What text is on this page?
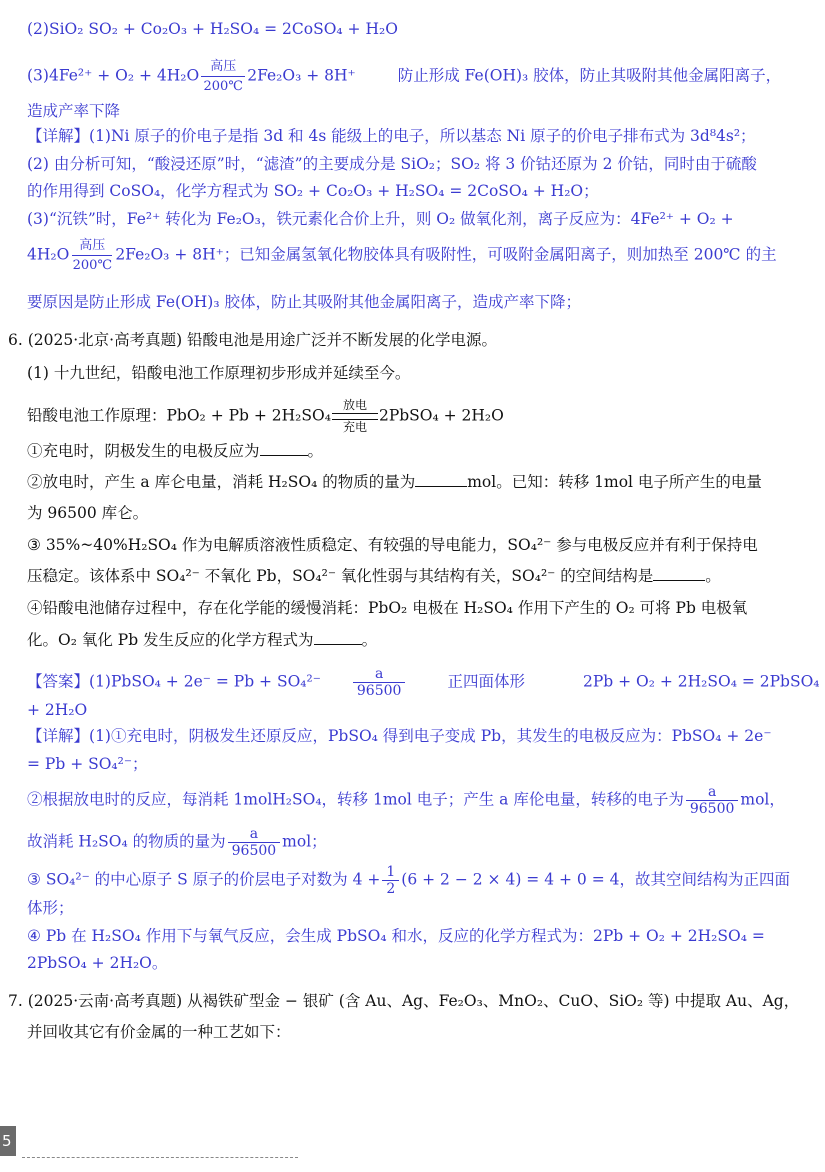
(2)SiO₂ SO₂ + Co₂O₃ + H₂SO₄ = 2CoSO₄ + H₂O
(3)4Fe²⁺ + O₂ + 4H₂O 高压
200℃
2Fe₂O₃ + 8H⁺	防止形成 Fe(OH)₃ 胶体，防止其吸附其他金属阳离子，
造成产率下降
【详解】(1)Ni 原子的价电子是指 3d 和 4s 能级上的电子，所以基态 Ni 原子的价电子排布式为 3d⁸4s²；
(2) 由分析可知，“酸浸还原”时，“滤渣”的主要成分是 SiO₂；SO₂ 将 3 价钴还原为 2 价钴，同时由于硫酸
的作用得到 CoSO₄，化学方程式为 SO₂ + Co₂O₃ + H₂SO₄ = 2CoSO₄ + H₂O；
(3)“沉铁”时，Fe²⁺ 转化为 Fe₂O₃，铁元素化合价上升，则 O₂ 做氧化剂，离子反应为：4Fe²⁺ + O₂ +
4H₂O 高压
200℃
2Fe₂O₃ + 8H⁺；已知金属氢氧化物胶体具有吸附性，可吸附金属阳离子，则加热至 200℃ 的主
要原因是防止形成 Fe(OH)₃ 胶体，防止其吸附其他金属阳离子，造成产率下降；
6. (2025·北京·高考真题) 铅酸电池是用途广泛并不断发展的化学电源。
(1) 十九世纪，铅酸电池工作原理初步形成并延续至今。
铅酸电池工作原理：PbO₂ + Pb + 2H₂SO₄放电
充电2PbSO₄ + 2H₂O
①充电时，阴极发生的电极反应为	。
②放电时，产生 a 库仑电量，消耗 H₂SO₄ 的物质的量为	mol。已知：转移 1mol 电子所产生的电量
为 96500 库仑。
③ 35%~40%H₂SO₄ 作为电解质溶液性质稳定、有较强的导电能力，SO₄²⁻ 参与电极反应并有利于保持电
压稳定。该体系中 SO₄²⁻ 不氧化 Pb，SO₄²⁻ 氧化性弱与其结构有关，SO₄²⁻ 的空间结构是	。
④铅酸电池储存过程中，存在化学能的缓慢消耗：PbO₂ 电极在 H₂SO₄ 作用下产生的 O₂ 可将 Pb 电极氧
化。O₂ 氧化 Pb 发生反应的化学方程式为	。
【答案】(1)PbSO₄ + $2e^- = Pb + SO_4^{2-} \frac{a}{96500}$	正四面体形	2Pb + O₂ + 2H₂SO₄ = 2PbSO₄
+ 2H₂O
【详解】(1)①充电时，阴极发生还原反应，PbSO₄ 得到电子变成 Pb，其发生的电极反应为：PbSO₄ + 2e⁻
= Pb + SO₄²⁻；
②根据放电时的反应，每消耗 1molH₂SO₄，转移 1mol 电子；产生 a 库伦电量，转移的电子为 $\frac{a}{96500}$ mol，
故消耗 H₂SO₄ 的物质的量为 $\frac{a}{96500}$ mol；
③ SO₄²⁻ 的中心原子 S 原子的价层电子对数为 $4 + \frac{1}{2} (6 + 2 - 2 \times 4) = 4 + 0 = 4$，故其空间结构为正四面
体形；
④ Pb 在 H₂SO₄ 作用下与氧气反应，会生成 PbSO₄ 和水，反应的化学方程式为：2Pb + O₂ + 2H₂SO₄ =
2PbSO₄ + 2H₂O。
7. (2025·云南·高考真题) 从褐铁矿型金 − 银矿 (含 Au、Ag、Fe₂O₃、MnO₂、CuO、SiO₂ 等) 中提取 Au、Ag，
并回收其它有价金属的一种工艺如下：
5
